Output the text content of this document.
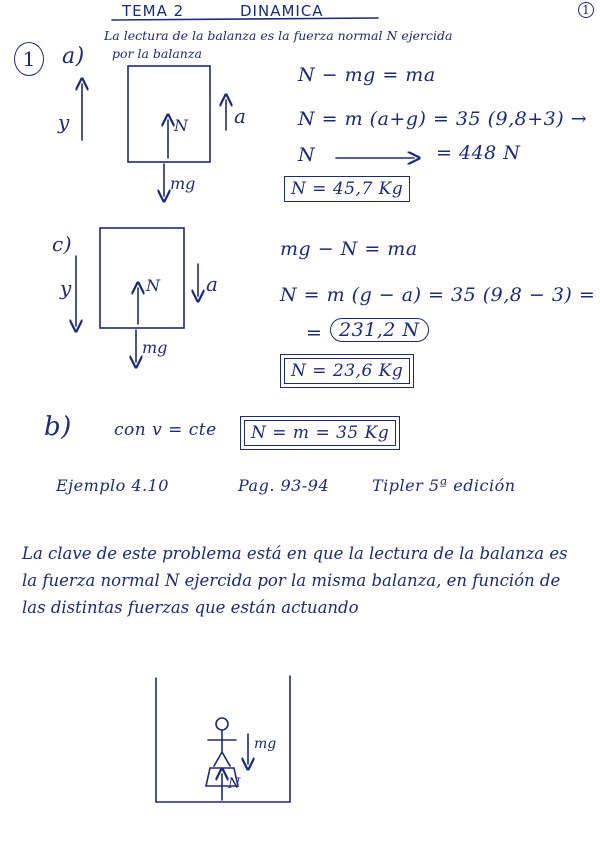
TEMA 2	DINAMICA	1
La lectura de la balanza es la fuerza normal N ejercida
por la balanza
1	a)
y	N a
mg
N − mg = ma
N = m (a+g) = 35 (9,8+3) →
N	= 448 N
N = 45,7 Kg
c)
y	N a
mg
mg − N = ma
N = m (g − a) = 35 (9,8 − 3) =
= 231,2 N
N = 23,6 Kg
b) con v = cte	N = m = 35 Kg
Ejemplo 4.10	Pag. 93-94	Tipler 5ª edición
La clave de este problema está en que la lectura de la balanza es la fuerza normal N ejercida por la misma balanza, en función de las distintas fuerzas que están actuando
mg
N
